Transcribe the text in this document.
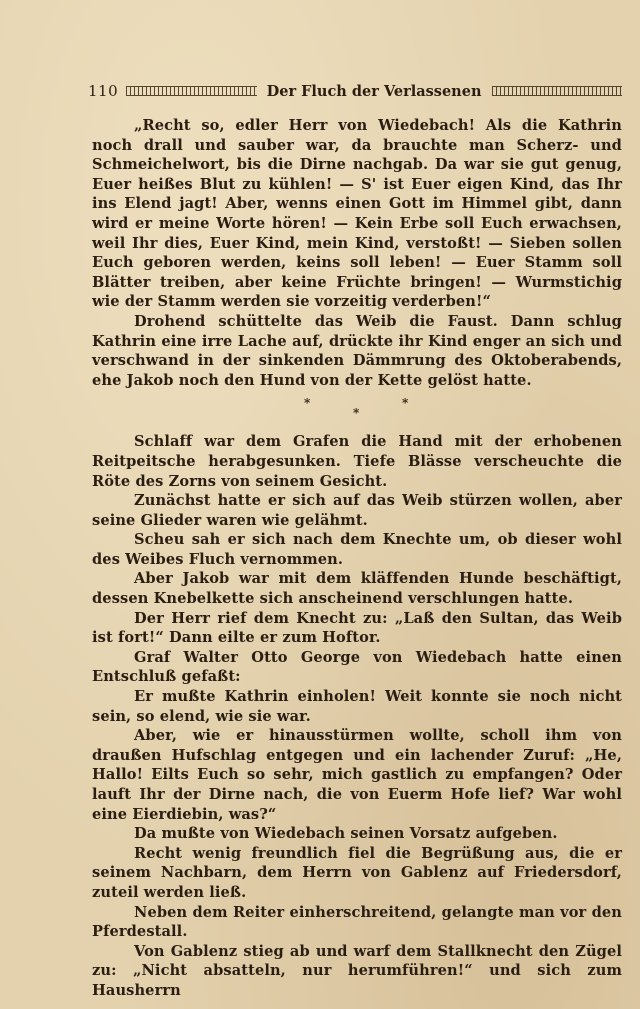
110	Der Fluch der Verlassenen

„Recht so, edler Herr von Wiedebach! Als die Kathrin noch drall und sauber war, da brauchte man Scherz- und Schmeichelwort, bis die Dirne nachgab. Da war sie gut genug, Euer heißes Blut zu kühlen! — S' ist Euer eigen Kind, das Ihr ins Elend jagt! Aber, wenns einen Gott im Himmel gibt, dann wird er meine Worte hören! — Kein Erbe soll Euch erwachsen, weil Ihr dies, Euer Kind, mein Kind, verstoßt! — Sieben sollen Euch geboren werden, keins soll leben! — Euer Stamm soll Blätter treiben, aber keine Früchte bringen! — Wurmstichig wie der Stamm werden sie vorzeitig verderben!“

Drohend schüttelte das Weib die Faust. Dann schlug Kathrin eine irre Lache auf, drückte ihr Kind enger an sich und verschwand in der sinkenden Dämmrung des Oktoberabends, ehe Jakob noch den Hund von der Kette gelöst hatte.

*	*
*

Schlaff war dem Grafen die Hand mit der erhobenen Reitpeitsche herabgesunken. Tiefe Blässe verscheuchte die Röte des Zorns von seinem Gesicht.

Zunächst hatte er sich auf das Weib stürzen wollen, aber seine Glieder waren wie gelähmt.

Scheu sah er sich nach dem Knechte um, ob dieser wohl des Weibes Fluch vernommen.

Aber Jakob war mit dem kläffenden Hunde beschäftigt, dessen Knebelkette sich anscheinend verschlungen hatte.

Der Herr rief dem Knecht zu: „Laß den Sultan, das Weib ist fort!“ Dann eilte er zum Hoftor.

Graf Walter Otto George von Wiedebach hatte einen Entschluß gefaßt:

Er mußte Kathrin einholen! Weit konnte sie noch nicht sein, so elend, wie sie war.

Aber, wie er hinausstürmen wollte, scholl ihm von draußen Hufschlag entgegen und ein lachender Zuruf: „He, Hallo! Eilts Euch so sehr, mich gastlich zu empfangen? Oder lauft Ihr der Dirne nach, die von Euerm Hofe lief? War wohl eine Eierdiebin, was?“

Da mußte von Wiedebach seinen Vorsatz aufgeben.

Recht wenig freundlich fiel die Begrüßung aus, die er seinem Nachbarn, dem Herrn von Gablenz auf Friedersdorf, zuteil werden ließ.

Neben dem Reiter einherschreitend, gelangte man vor den Pferdestall.

Von Gablenz stieg ab und warf dem Stallknecht den Zügel zu: „Nicht absatteln, nur herumführen!“ und sich zum Hausherrn
